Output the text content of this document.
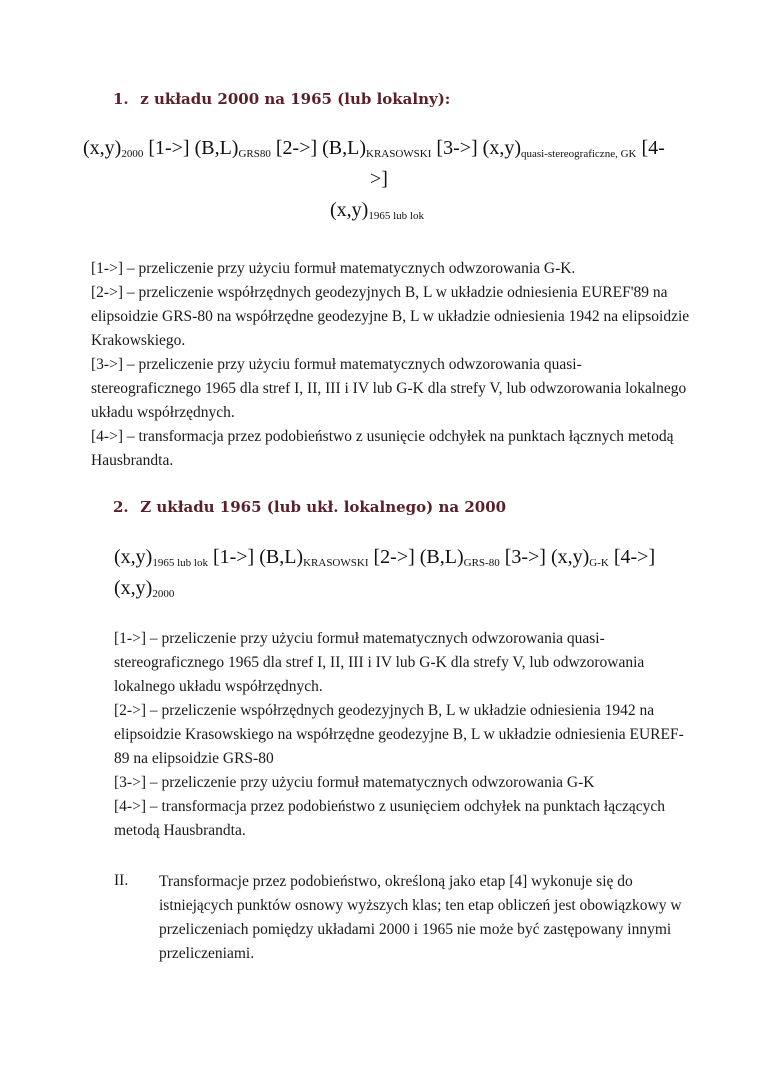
1. z układu 2000 na 1965 (lub lokalny):
$(x,y)_{2000}$ [1->] $(B,L)_{GRS80}$ [2->] $(B,L)_{KRASOWSKI}$ [3->] $(x,y)_{quasi-stereograficzne, GK}$ [4-
>]
$(x,y)_{1965 lub lok}$
[1->] – przeliczenie przy użyciu formuł matematycznych odwzorowania G-K.
[2->] – przeliczenie współrzędnych geodezyjnych B, L w układzie odniesienia EUREF'89 na
elipsoidzie GRS-80 na współrzędne geodezyjne B, L w układzie odniesienia 1942 na elipsoidzie
Krakowskiego.
[3->] – przeliczenie przy użyciu formuł matematycznych odwzorowania quasi-
stereograficznego 1965 dla stref I, II, III i IV lub G-K dla strefy V, lub odwzorowania lokalnego
układu współrzędnych.
[4->] – transformacja przez podobieństwo z usunięcie odchyłek na punktach łącznych metodą
Hausbrandta.
2. Z układu 1965 (lub ukł. lokalnego) na 2000
$(x,y)_{1965 lub lok}$ [1->] $(B,L)_{KRASOWSKI}$ [2->] $(B,L)_{GRS-80}$ [3->] $(x,y)_{G-K}$ [4->]
$(x,y)_{2000}$
[1->] – przeliczenie przy użyciu formuł matematycznych odwzorowania quasi-
stereograficznego 1965 dla stref I, II, III i IV lub G-K dla strefy V, lub odwzorowania
lokalnego układu współrzędnych.
[2->] – przeliczenie współrzędnych geodezyjnych B, L w układzie odniesienia 1942 na
elipsoidzie Krasowskiego na współrzędne geodezyjne B, L w układzie odniesienia EUREF-
89 na elipsoidzie GRS-80
[3->] – przeliczenie przy użyciu formuł matematycznych odwzorowania G-K
[4->] – transformacja przez podobieństwo z usunięciem odchyłek na punktach łączących
metodą Hausbrandta.
II. Transformacje przez podobieństwo, określoną jako etap [4] wykonuje się do
istniejących punktów osnowy wyższych klas; ten etap obliczeń jest obowiązkowy w
przeliczeniach pomiędzy układami 2000 i 1965 nie może być zastępowany innymi
przeliczeniami.
